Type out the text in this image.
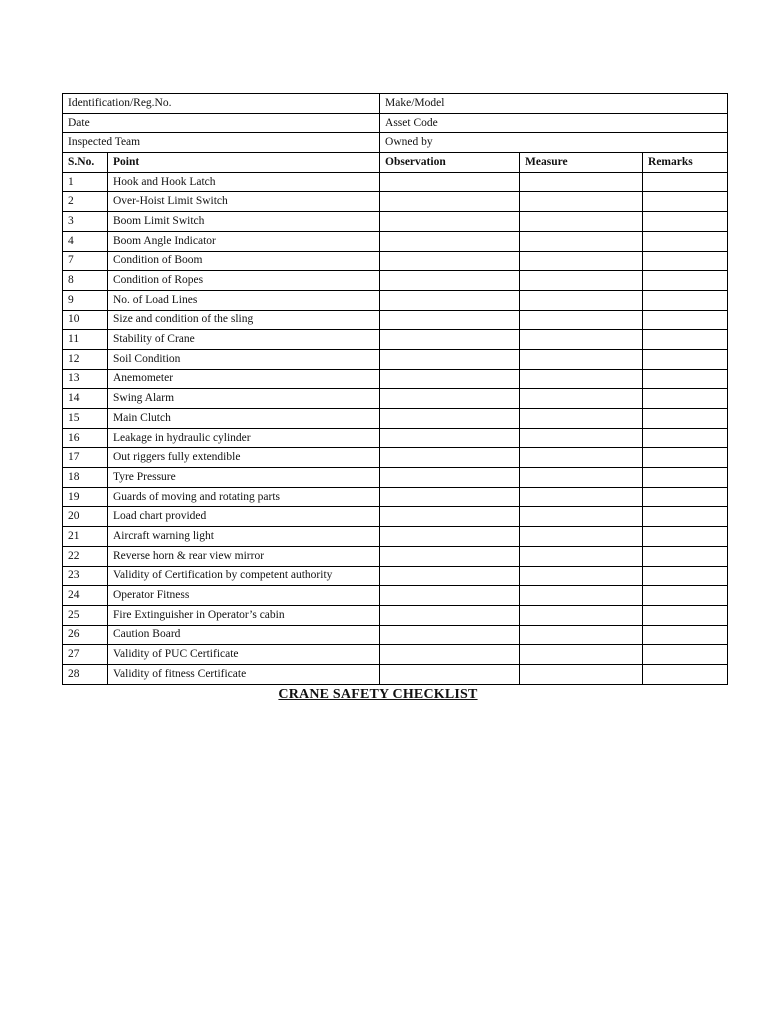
Identification/Reg.No.		Make/Model		
Date		Asset Code		
Inspected Team		Owned by		
S.No.	Point	Observation	Measure	Remarks
1	Hook and Hook Latch			
2	Over-Hoist Limit Switch			
3	Boom Limit Switch			
4	Boom Angle Indicator			
7	Condition of Boom			
8	Condition of Ropes			
9	No. of Load Lines			
10	Size and condition of the sling			
11	Stability of Crane			
12	Soil Condition			
13	Anemometer			
14	Swing Alarm			
15	Main Clutch			
16	Leakage in hydraulic cylinder			
17	Out riggers fully extendible			
18	Tyre Pressure			
19	Guards of moving and rotating parts			
20	Load chart provided			
21	Aircraft warning light			
22	Reverse horn & rear view mirror			
23	Validity of Certification by competent authority			
24	Operator Fitness			
25	Fire Extinguisher in Operator’s cabin			
26	Caution Board			
27	Validity of PUC Certificate			
28	Validity of fitness Certificate			
CRANE SAFETY CHECKLIST
